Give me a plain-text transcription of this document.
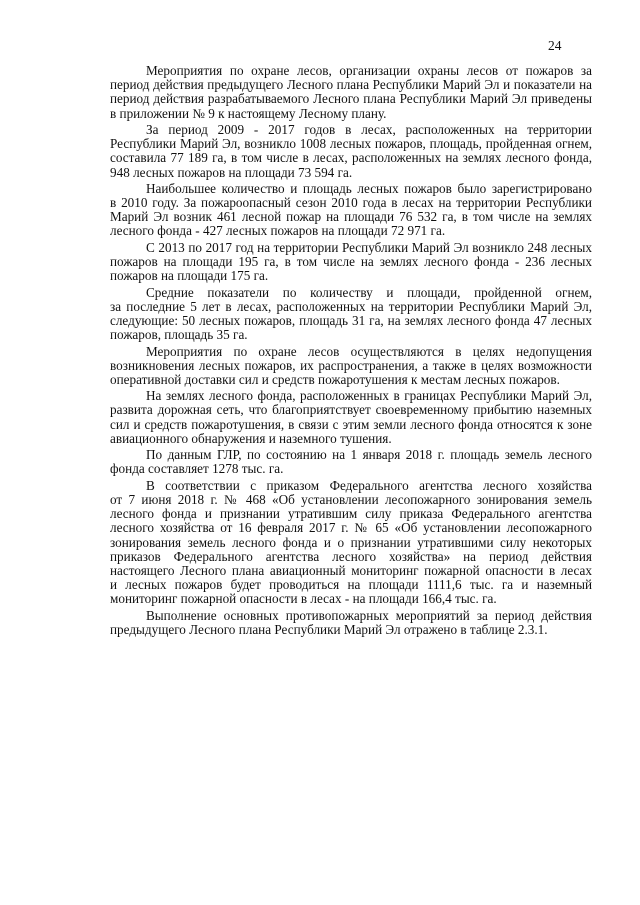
24
Мероприятия по охране лесов, организации охраны лесов от пожаров за
период действия предыдущего Лесного плана Республики Марий Эл и показатели на
период действия разрабатываемого Лесного плана Республики Марий Эл приведены
в приложении № 9 к настоящему Лесному плану.
За период 2009 - 2017 годов в лесах, расположенных на территории
Республики Марий Эл, возникло 1008 лесных пожаров, площадь, пройденная огнем,
составила 77 189 га, в том числе в лесах, расположенных на землях лесного фонда,
948 лесных пожаров на площади 73 594 га.
Наибольшее количество и площадь лесных пожаров было зарегистрировано
в 2010 году. За пожароопасный сезон 2010 года в лесах на территории Республики
Марий Эл возник 461 лесной пожар на площади 76 532 га, в том числе на землях
лесного фонда - 427 лесных пожаров на площади 72 971 га.
С 2013 по 2017 год на территории Республики Марий Эл возникло 248 лесных
пожаров на площади 195 га, в том числе на землях лесного фонда - 236 лесных
пожаров на площади 175 га.
Средние показатели по количеству и площади, пройденной огнем,
за последние 5 лет в лесах, расположенных на территории Республики Марий Эл,
следующие: 50 лесных пожаров, площадь 31 га, на землях лесного фонда 47 лесных
пожаров, площадь 35 га.
Мероприятия по охране лесов осуществляются в целях недопущения
возникновения лесных пожаров, их распространения, а также в целях возможности
оперативной доставки сил и средств пожаротушения к местам лесных пожаров.
На землях лесного фонда, расположенных в границах Республики Марий Эл,
развита дорожная сеть, что благоприятствует своевременному прибытию наземных
сил и средств пожаротушения, в связи с этим земли лесного фонда относятся к зоне
авиационного обнаружения и наземного тушения.
По данным ГЛР, по состоянию на 1 января 2018 г. площадь земель лесного
фонда составляет 1278 тыс. га.
В соответствии с приказом Федерального агентства лесного хозяйства
от 7 июня 2018 г. № 468 «Об установлении лесопожарного зонирования земель
лесного фонда и признании утратившим силу приказа Федерального агентства
лесного хозяйства от 16 февраля 2017 г. № 65 «Об установлении лесопожарного
зонирования земель лесного фонда и о признании утратившими силу некоторых
приказов Федерального агентства лесного хозяйства» на период действия
настоящего Лесного плана авиационный мониторинг пожарной опасности в лесах
и лесных пожаров будет проводиться на площади 1111,6 тыс. га и наземный
мониторинг пожарной опасности в лесах - на площади 166,4 тыс. га.
Выполнение основных противопожарных мероприятий за период действия
предыдущего Лесного плана Республики Марий Эл отражено в таблице 2.3.1.
